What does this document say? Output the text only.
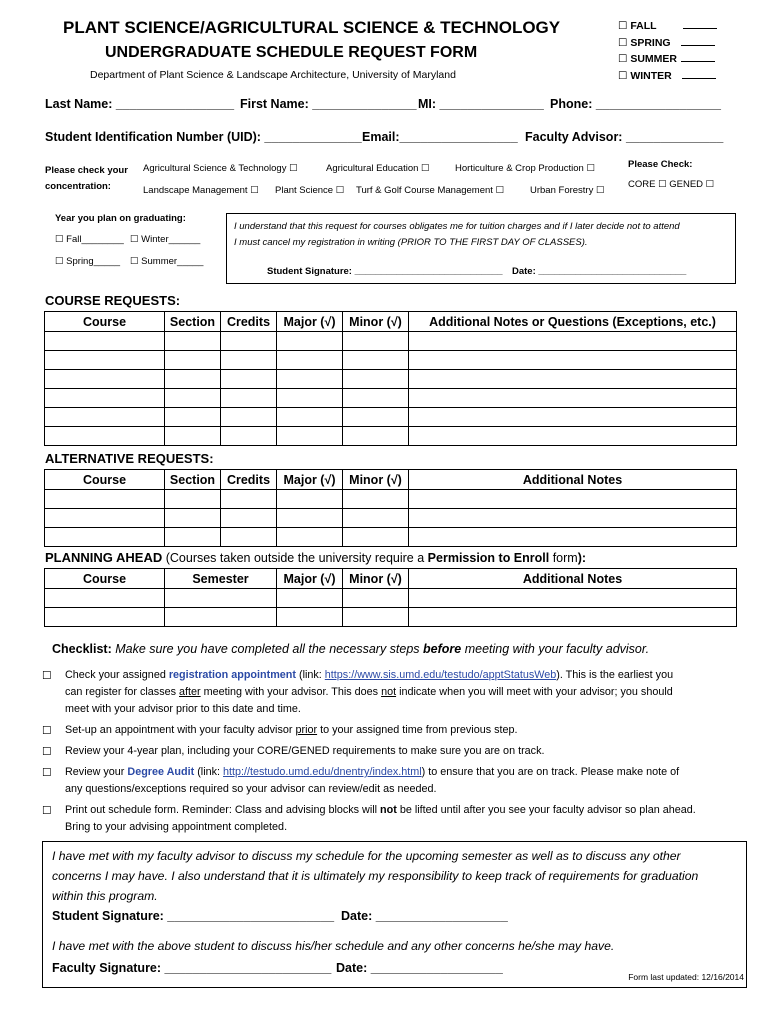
PLANT SCIENCE/AGRICULTURAL SCIENCE & TECHNOLOGY
UNDERGRADUATE SCHEDULE REQUEST FORM
Department of Plant Science & Landscape Architecture, University of Maryland
☐ FALL
☐ SPRING
☐ SUMMER
☐ WINTER
Last Name: _________________ First Name: _______________ MI: _______________ Phone: __________________
Student Identification Number (UID): ______________ Email:_________________ Faculty Advisor: ______________
Please check your
concentration:
Agricultural Science & Technology ☐	Agricultural Education ☐	Horticulture & Crop Production ☐
Landscape Management ☐ Plant Science ☐ Turf & Golf Course Management ☐	Urban Forestry ☐
Please Check:
CORE ☐ GENED ☐
Year you plan on graduating:
☐ Fall________ ☐ Winter______
☐ Spring_____ ☐ Summer_____
I understand that this request for courses obligates me for tuition charges and if I later decide not to attend
I must cancel my registration in writing (PRIOR TO THE FIRST DAY OF CLASSES).
Student Signature: ____________________________ Date: ____________________________
COURSE REQUESTS:
Course	Section	Credits	Major (√)	Minor (√)	Additional Notes or Questions (Exceptions, etc.)

ALTERNATIVE REQUESTS:
Course	Section	Credits	Major (√)	Minor (√)	Additional Notes

PLANNING AHEAD (Courses taken outside the university require a Permission to Enroll form):
Course	Semester	Major (√)	Minor (√)	Additional Notes

Checklist: Make sure you have completed all the necessary steps before meeting with your faculty advisor.
☐ Check your assigned registration appointment (link: https://www.sis.umd.edu/testudo/apptStatusWeb). This is the earliest you
can register for classes after meeting with your advisor. This does not indicate when you will meet with your advisor; you should
meet with your advisor prior to this date and time.
☐ Set-up an appointment with your faculty advisor prior to your assigned time from previous step.
☐ Review your 4-year plan, including your CORE/GENED requirements to make sure you are on track.
☐ Review your Degree Audit (link: http://testudo.umd.edu/dnentry/index.html) to ensure that you are on track. Please make note of
any questions/exceptions required so your advisor can review/edit as needed.
☐ Print out schedule form. Reminder: Class and advising blocks will not be lifted until after you see your faculty advisor so plan ahead.
Bring to your advising appointment completed.
I have met with my faculty advisor to discuss my schedule for the upcoming semester as well as to discuss any other
concerns I may have. I also understand that it is ultimately my responsibility to keep track of requirements for graduation
within this program.
Student Signature: ________________________ Date: ___________________
I have met with the above student to discuss his/her schedule and any other concerns he/she may have.
Faculty Signature: ________________________ Date: ___________________
Form last updated: 12/16/2014
